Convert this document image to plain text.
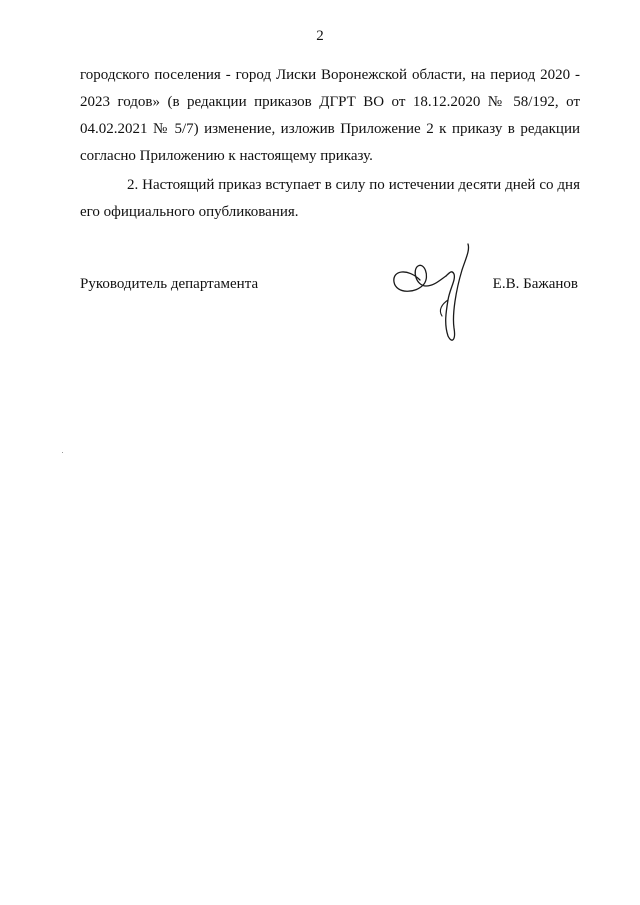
2

городского поселения - город Лиски Воронежской области, на период 2020 - 2023 годов» (в редакции приказов ДГРТ ВО от 18.12.2020 № 58/192, от 04.02.2021 № 5/7) изменение, изложив Приложение 2 к приказу в редакции согласно Приложению к настоящему приказу.

2. Настоящий приказ вступает в силу по истечении десяти дней со дня его официального опубликования.

Руководитель департамента	Е.В. Бажанов
